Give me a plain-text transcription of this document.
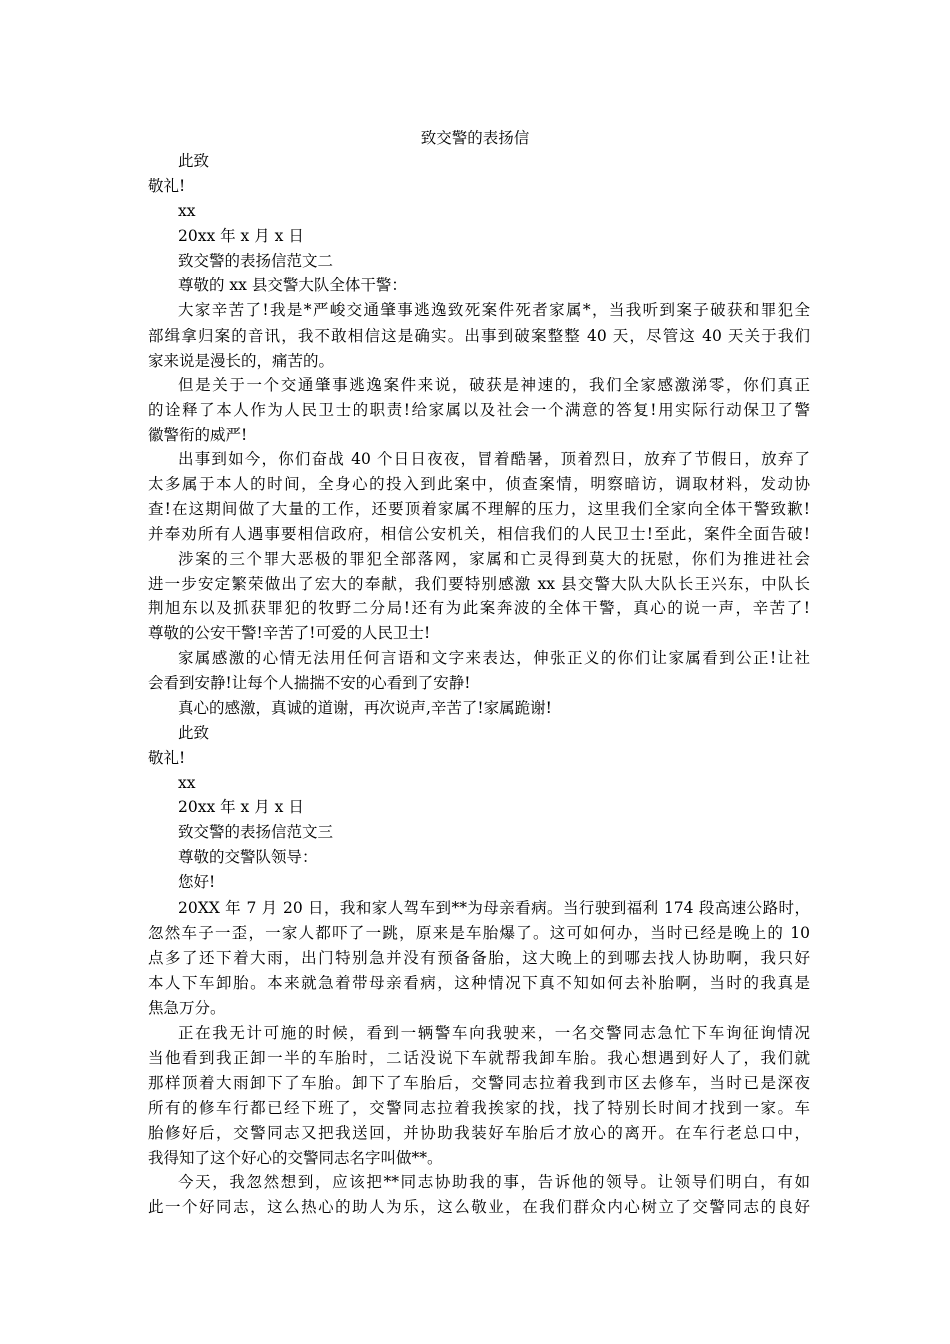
致交警的表扬信
此致
敬礼!
xx
20xx 年 x 月 x 日
致交警的表扬信范文二
尊敬的 xx 县交警大队全体干警：
大家辛苦了!我是*严峻交通肇事逃逸致死案件死者家属*，当我听到案子破获和罪犯全
部缉拿归案的音讯，我不敢相信这是确实。出事到破案整整 40 天，尽管这 40 天关于我们
家来说是漫长的，痛苦的。
但是关于一个交通肇事逃逸案件来说，破获是神速的，我们全家感激涕零，你们真正
的诠释了本人作为人民卫士的职责!给家属以及社会一个满意的答复!用实际行动保卫了警
徽警衔的威严!
出事到如今，你们奋战 40 个日日夜夜，冒着酷暑，顶着烈日，放弃了节假日，放弃了
太多属于本人的时间，全身心的投入到此案中，侦查案情，明察暗访，调取材料，发动协
查!在这期间做了大量的工作，还要顶着家属不理解的压力，这里我们全家向全体干警致歉!
并奉劝所有人遇事要相信政府，相信公安机关，相信我们的人民卫士!至此，案件全面告破!
涉案的三个罪大恶极的罪犯全部落网，家属和亡灵得到莫大的抚慰，你们为推进社会
进一步安定繁荣做出了宏大的奉献，我们要特别感激 xx 县交警大队大队长王兴东，中队长
荆旭东以及抓获罪犯的牧野二分局!还有为此案奔波的全体干警，真心的说一声，辛苦了!
尊敬的公安干警!辛苦了!可爱的人民卫士!
家属感激的心情无法用任何言语和文字来表达，伸张正义的你们让家属看到公正!让社
会看到安静!让每个人揣揣不安的心看到了安静!
真心的感激，真诚的道谢，再次说声,辛苦了!家属跪谢!
此致
敬礼!
xx
20xx 年 x 月 x 日
致交警的表扬信范文三
尊敬的交警队领导：
您好!
20XX 年 7 月 20 日，我和家人驾车到**为母亲看病。当行驶到福利 174 段高速公路时，
忽然车子一歪，一家人都吓了一跳，原来是车胎爆了。这可如何办，当时已经是晚上的 10
点多了还下着大雨，出门特别急并没有预备备胎，这大晚上的到哪去找人协助啊，我只好
本人下车卸胎。本来就急着带母亲看病，这种情况下真不知如何去补胎啊，当时的我真是
焦急万分。
正在我无计可施的时候，看到一辆警车向我驶来，一名交警同志急忙下车询征询情况
当他看到我正卸一半的车胎时，二话没说下车就帮我卸车胎。我心想遇到好人了，我们就
那样顶着大雨卸下了车胎。卸下了车胎后，交警同志拉着我到市区去修车，当时已是深夜
所有的修车行都已经下班了，交警同志拉着我挨家的找，找了特别长时间才找到一家。车
胎修好后，交警同志又把我送回，并协助我装好车胎后才放心的离开。在车行老总口中，
我得知了这个好心的交警同志名字叫做**。
今天，我忽然想到，应该把**同志协助我的事，告诉他的领导。让领导们明白，有如
此一个好同志，这么热心的助人为乐，这么敬业，在我们群众内心树立了交警同志的良好
